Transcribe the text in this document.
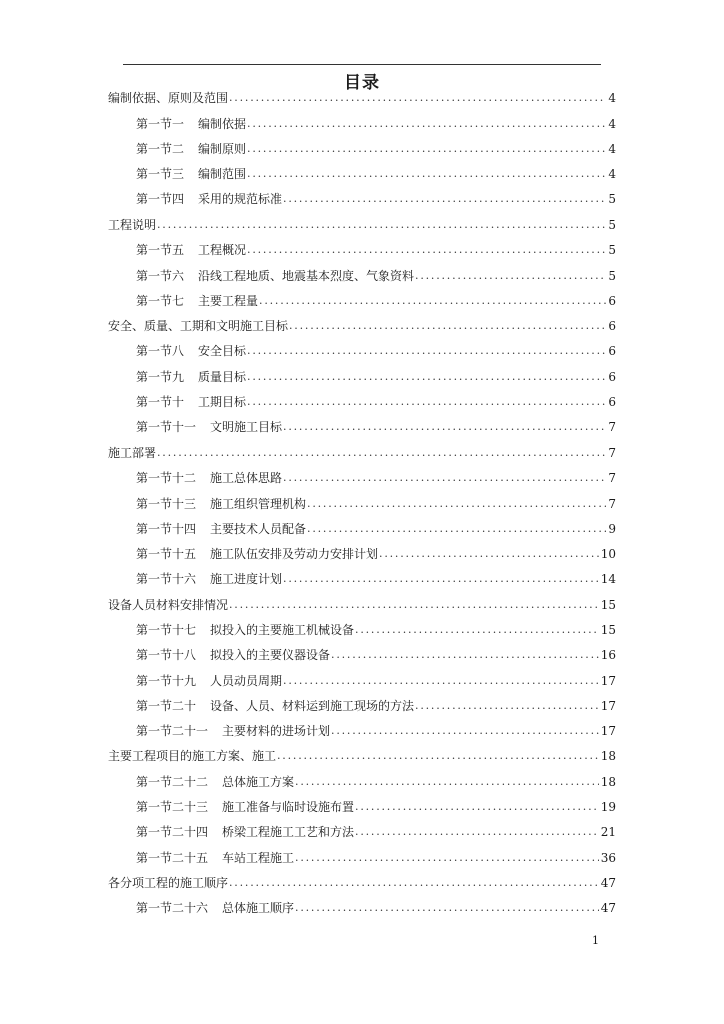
目录
编制依据、原则及范围 .....	4
第一节一 编制依据 .....	4
第一节二 编制原则 .....	4
第一节三 编制范围 .....	4
第一节四 采用的规范标准 .....	5
工程说明 .....	5
第一节五 工程概况 .....	5
第一节六 沿线工程地质、地震基本烈度、气象资料 .....	5
第一节七 主要工程量 .....	6
安全、质量、工期和文明施工目标 .....	6
第一节八 安全目标 .....	6
第一节九 质量目标 .....	6
第一节十 工期目标 .....	6
第一节十一 文明施工目标 .....	7
施工部署 .....	7
第一节十二 施工总体思路 .....	7
第一节十三 施工组织管理机构 .....	7
第一节十四 主要技术人员配备 .....	9
第一节十五 施工队伍安排及劳动力安排计划 .....	10
第一节十六 施工进度计划 .....	14
设备人员材料安排情况 .....	15
第一节十七 拟投入的主要施工机械设备 .....	15
第一节十八 拟投入的主要仪器设备 .....	16
第一节十九 人员动员周期 .....	17
第一节二十 设备、人员、材料运到施工现场的方法 .....	17
第一节二十一 主要材料的进场计划 .....	17
主要工程项目的施工方案、施工 .....	18
第一节二十二 总体施工方案 .....	18
第一节二十三 施工准备与临时设施布置 .....	19
第一节二十四 桥梁工程施工工艺和方法 .....	21
第一节二十五 车站工程施工 .....	36
各分项工程的施工顺序 .....	47
第一节二十六 总体施工顺序 .....	47
1
